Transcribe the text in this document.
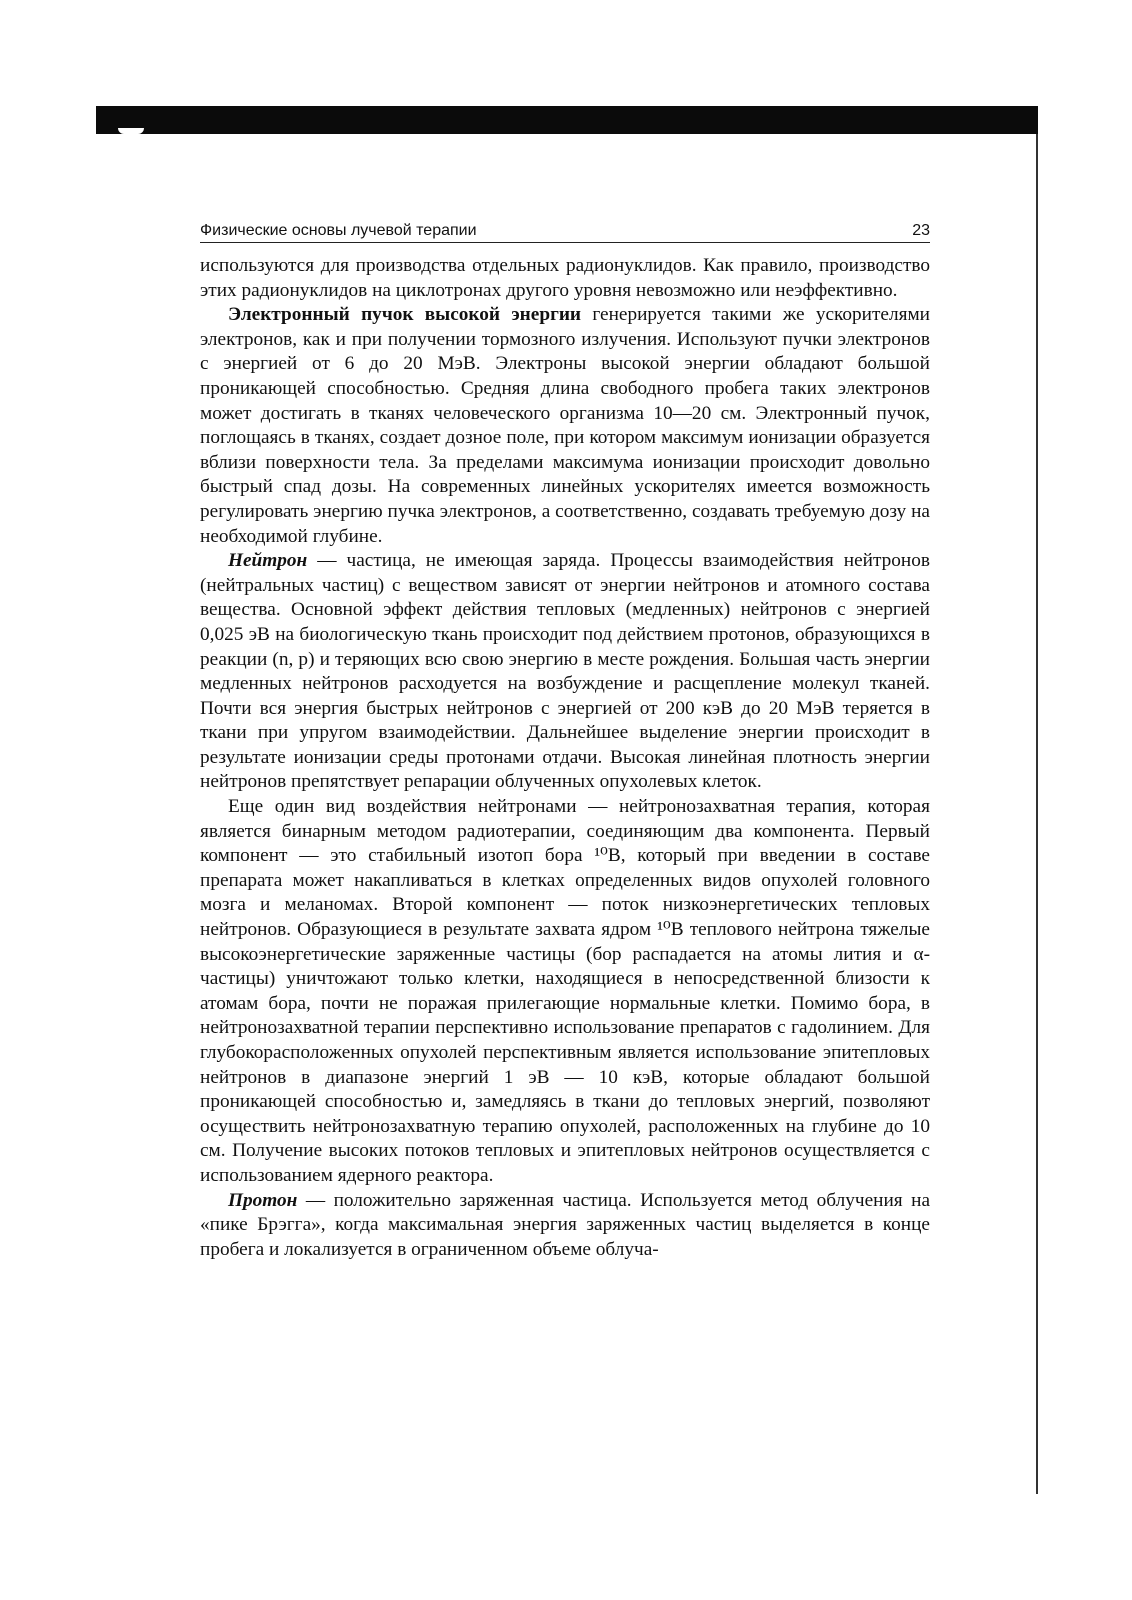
Физические основы лучевой терапии	23

используются для производства отдельных радионуклидов. Как правило, производство этих радионуклидов на циклотронах другого уровня невозможно или неэффективно.

Электронный пучок высокой энергии генерируется такими же ускорителями электронов, как и при получении тормозного излучения. Используют пучки электронов с энергией от 6 до 20 МэВ. Электроны высокой энергии обладают большой проникающей способностью. Средняя длина свободного пробега таких электронов может достигать в тканях человеческого организма 10—20 см. Электронный пучок, поглощаясь в тканях, создает дозное поле, при котором максимум ионизации образуется вблизи поверхности тела. За пределами максимума ионизации происходит довольно быстрый спад дозы. На современных линейных ускорителях имеется возможность регулировать энергию пучка электронов, а соответственно, создавать требуемую дозу на необходимой глубине.

Нейтрон — частица, не имеющая заряда. Процессы взаимодействия нейтронов (нейтральных частиц) с веществом зависят от энергии нейтронов и атомного состава вещества. Основной эффект действия тепловых (медленных) нейтронов с энергией 0,025 эВ на биологическую ткань происходит под действием протонов, образующихся в реакции (n, p) и теряющих всю свою энергию в месте рождения. Большая часть энергии медленных нейтронов расходуется на возбуждение и расщепление молекул тканей. Почти вся энергия быстрых нейтронов с энергией от 200 кэВ до 20 МэВ теряется в ткани при упругом взаимодействии. Дальнейшее выделение энергии происходит в результате ионизации среды протонами отдачи. Высокая линейная плотность энергии нейтронов препятствует репарации облученных опухолевых клеток.

Еще один вид воздействия нейтронами — нейтронозахватная терапия, которая является бинарным методом радиотерапии, соединяющим два компонента. Первый компонент — это стабильный изотоп бора ¹⁰B, который при введении в составе препарата может накапливаться в клетках определенных видов опухолей головного мозга и меланомах. Второй компонент — поток низкоэнергетических тепловых нейтронов. Образующиеся в результате захвата ядром ¹⁰B теплового нейтрона тяжелые высокоэнергетические заряженные частицы (бор распадается на атомы лития и α-частицы) уничтожают только клетки, находящиеся в непосредственной близости к атомам бора, почти не поражая прилегающие нормальные клетки. Помимо бора, в нейтронозахватной терапии перспективно использование препаратов с гадолинием. Для глубокорасположенных опухолей перспективным является использование эпитепловых нейтронов в диапазоне энергий 1 эВ — 10 кэВ, которые обладают большой проникающей способностью и, замедляясь в ткани до тепловых энергий, позволяют осуществить нейтронозахватную терапию опухолей, расположенных на глубине до 10 см. Получение высоких потоков тепловых и эпитепловых нейтронов осуществляется с использованием ядерного реактора.

Протон — положительно заряженная частица. Используется метод облучения на «пике Брэгга», когда максимальная энергия заряженных частиц выделяется в конце пробега и локализуется в ограниченном объеме облуча-
